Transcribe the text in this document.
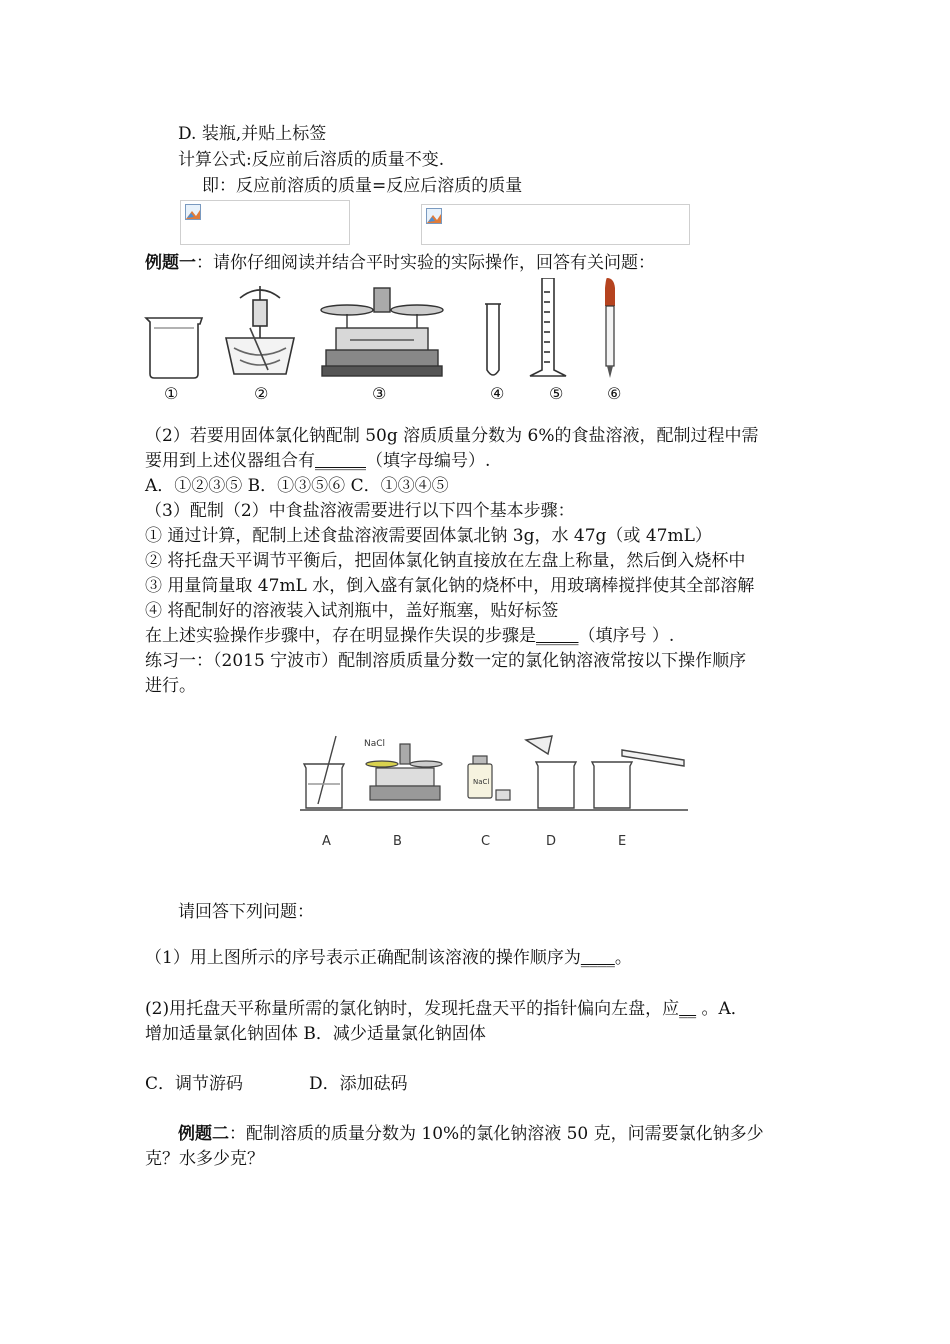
D. 装瓶,并贴上标签
计算公式:反应前后溶质的质量不变.
即：反应前溶质的质量=反应后溶质的质量
例题一：请你仔细阅读并结合平时实验的实际操作，回答有关问题：
①	②	③	④	⑤	⑥
（2）若要用固体氯化钠配制 50g 溶质质量分数为 6%的食盐溶液，配制过程中需
要用到上述仪器组合有______（填字母编号）.
A．①②③⑤ B．①③⑤⑥ C．①③④⑤
（3）配制（2）中食盐溶液需要进行以下四个基本步骤：
① 通过计算，配制上述食盐溶液需要固体氯北钠 3g，水 47g（或 47mL）
② 将托盘天平调节平衡后，把固体氯化钠直接放在左盘上称量，然后倒入烧杯中
③ 用量筒量取 47mL 水，倒入盛有氯化钠的烧杯中，用玻璃棒搅拌使其全部溶解
④ 将配制好的溶液装入试剂瓶中，盖好瓶塞，贴好标签
在上述实验操作步骤中，存在明显操作失误的步骤是_____（填序号 ）.
练习一：（2015 宁波市）配制溶质质量分数一定的氯化钠溶液常按以下操作顺序
进行。
NaCl
NaCl
A	B	C	D	E
请回答下列问题：
（1）用上图所示的序号表示正确配制该溶液的操作顺序为____。
(2)用托盘天平称量所需的氯化钠时，发现托盘天平的指针偏向左盘，应__ 。A．
增加适量氯化钠固体 B．减少适量氯化钠固体
C．调节游码	D．添加砝码
例题二：配制溶质的质量分数为 10%的氯化钠溶液 50 克，问需要氯化钠多少
克？水多少克？
